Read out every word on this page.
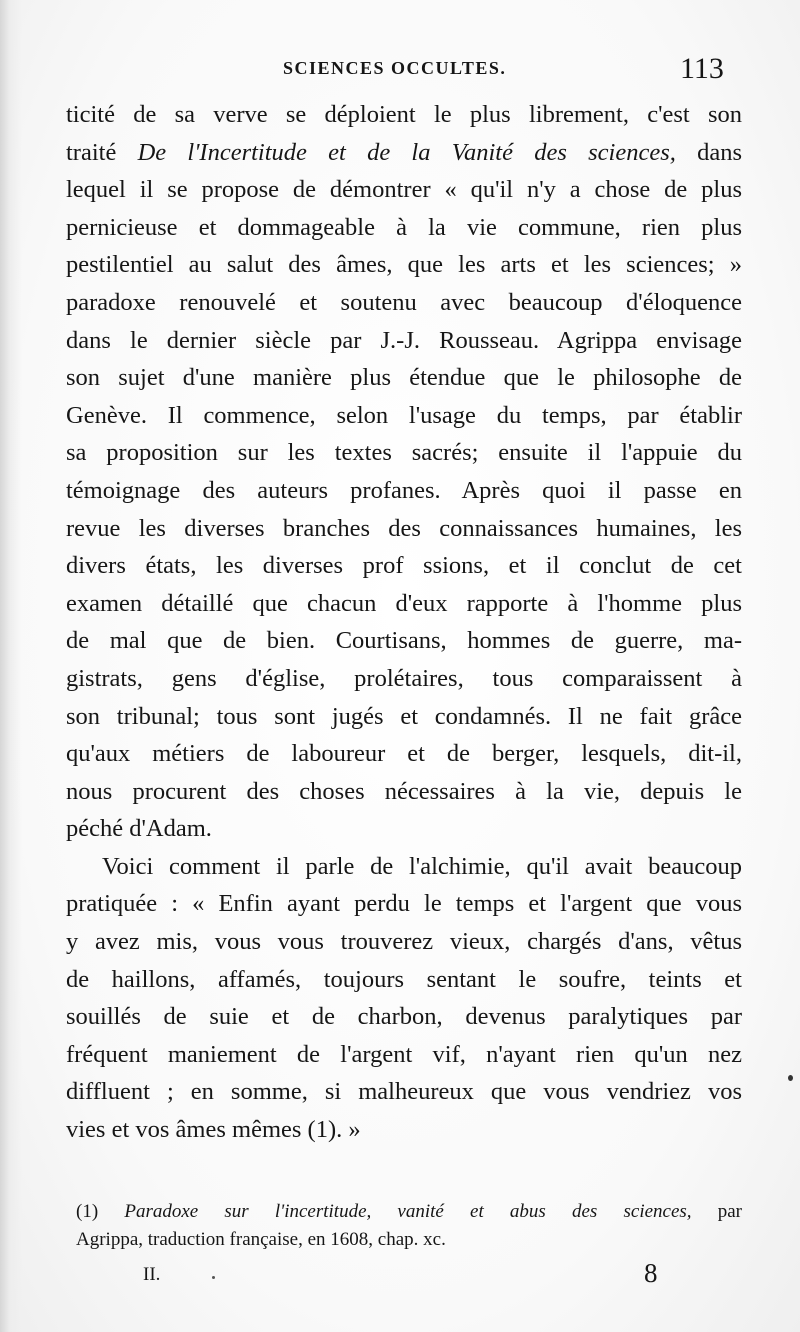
SCIENCES OCCULTES.	113
ticité de sa verve se déploient le plus librement, c'est son
traité De l'Incertitude et de la Vanité des sciences, dans
lequel il se propose de démontrer « qu'il n'y a chose de plus
pernicieuse et dommageable à la vie commune, rien plus
pestilentiel au salut des âmes, que les arts et les sciences; »
paradoxe renouvelé et soutenu avec beaucoup d'éloquence
dans le dernier siècle par J.-J. Rousseau. Agrippa envisage
son sujet d'une manière plus étendue que le philosophe de
Genève. Il commence, selon l'usage du temps, par établir
sa proposition sur les textes sacrés; ensuite il l'appuie du
témoignage des auteurs profanes. Après quoi il passe en
revue les diverses branches des connaissances humaines, les
divers états, les diverses prof ssions, et il conclut de cet
examen détaillé que chacun d'eux rapporte à l'homme plus
de mal que de bien. Courtisans, hommes de guerre, ma-
gistrats, gens d'église, prolétaires, tous comparaissent à
son tribunal; tous sont jugés et condamnés. Il ne fait grâce
qu'aux métiers de laboureur et de berger, lesquels, dit-il,
nous procurent des choses nécessaires à la vie, depuis le
péché d'Adam.
Voici comment il parle de l'alchimie, qu'il avait beaucoup
pratiquée : « Enfin ayant perdu le temps et l'argent que vous
y avez mis, vous vous trouverez vieux, chargés d'ans, vêtus
de haillons, affamés, toujours sentant le soufre, teints et
souillés de suie et de charbon, devenus paralytiques par
fréquent maniement de l'argent vif, n'ayant rien qu'un nez
diffluent ; en somme, si malheureux que vous vendriez vos
vies et vos âmes mêmes (1). »
(1) Paradoxe sur l'incertitude, vanité et abus des sciences, par
Agrippa, traduction française, en 1608, chap. xc.
II.	8
